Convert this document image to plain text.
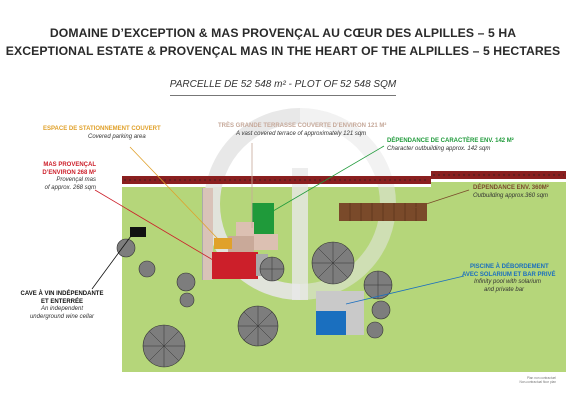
DOMAINE D’EXCEPTION & MAS PROVENÇAL AU CŒUR DES ALPILLES – 5 HA
EXCEPTIONAL ESTATE & PROVENÇAL MAS IN THE HEART OF THE ALPILLES – 5 HECTARES
PARCELLE DE 52 548 m² - PLOT OF 52 548 SQM
ESPACE DE STATIONNEMENT COUVERT
Covered parking area
TRÈS GRANDE TERRASSE COUVERTE D’ENVIRON 121 M²
A vast covered terrace of approximately 121 sqm
DÉPENDANCE DE CARACTÈRE ENV. 142 M²
Character outbuilding approx. 142 sqm
MAS PROVENÇAL
D’ENVIRON 268 M²
Provençal mas
of approx. 268 sqm	DÉPENDANCE ENV. 360M²
Outbuilding approx.360 sqm
PISCINE À DÉBORDEMENT
AVEC SOLARIUM ET BAR PRIVÉ
Infinity pool with solarium
and private bar
CAVE À VIN INDÉPENDANTE
ET ENTERRÉE
An independent
underground wine cellar
Plan non contractuel
Non-contractual floor plan
